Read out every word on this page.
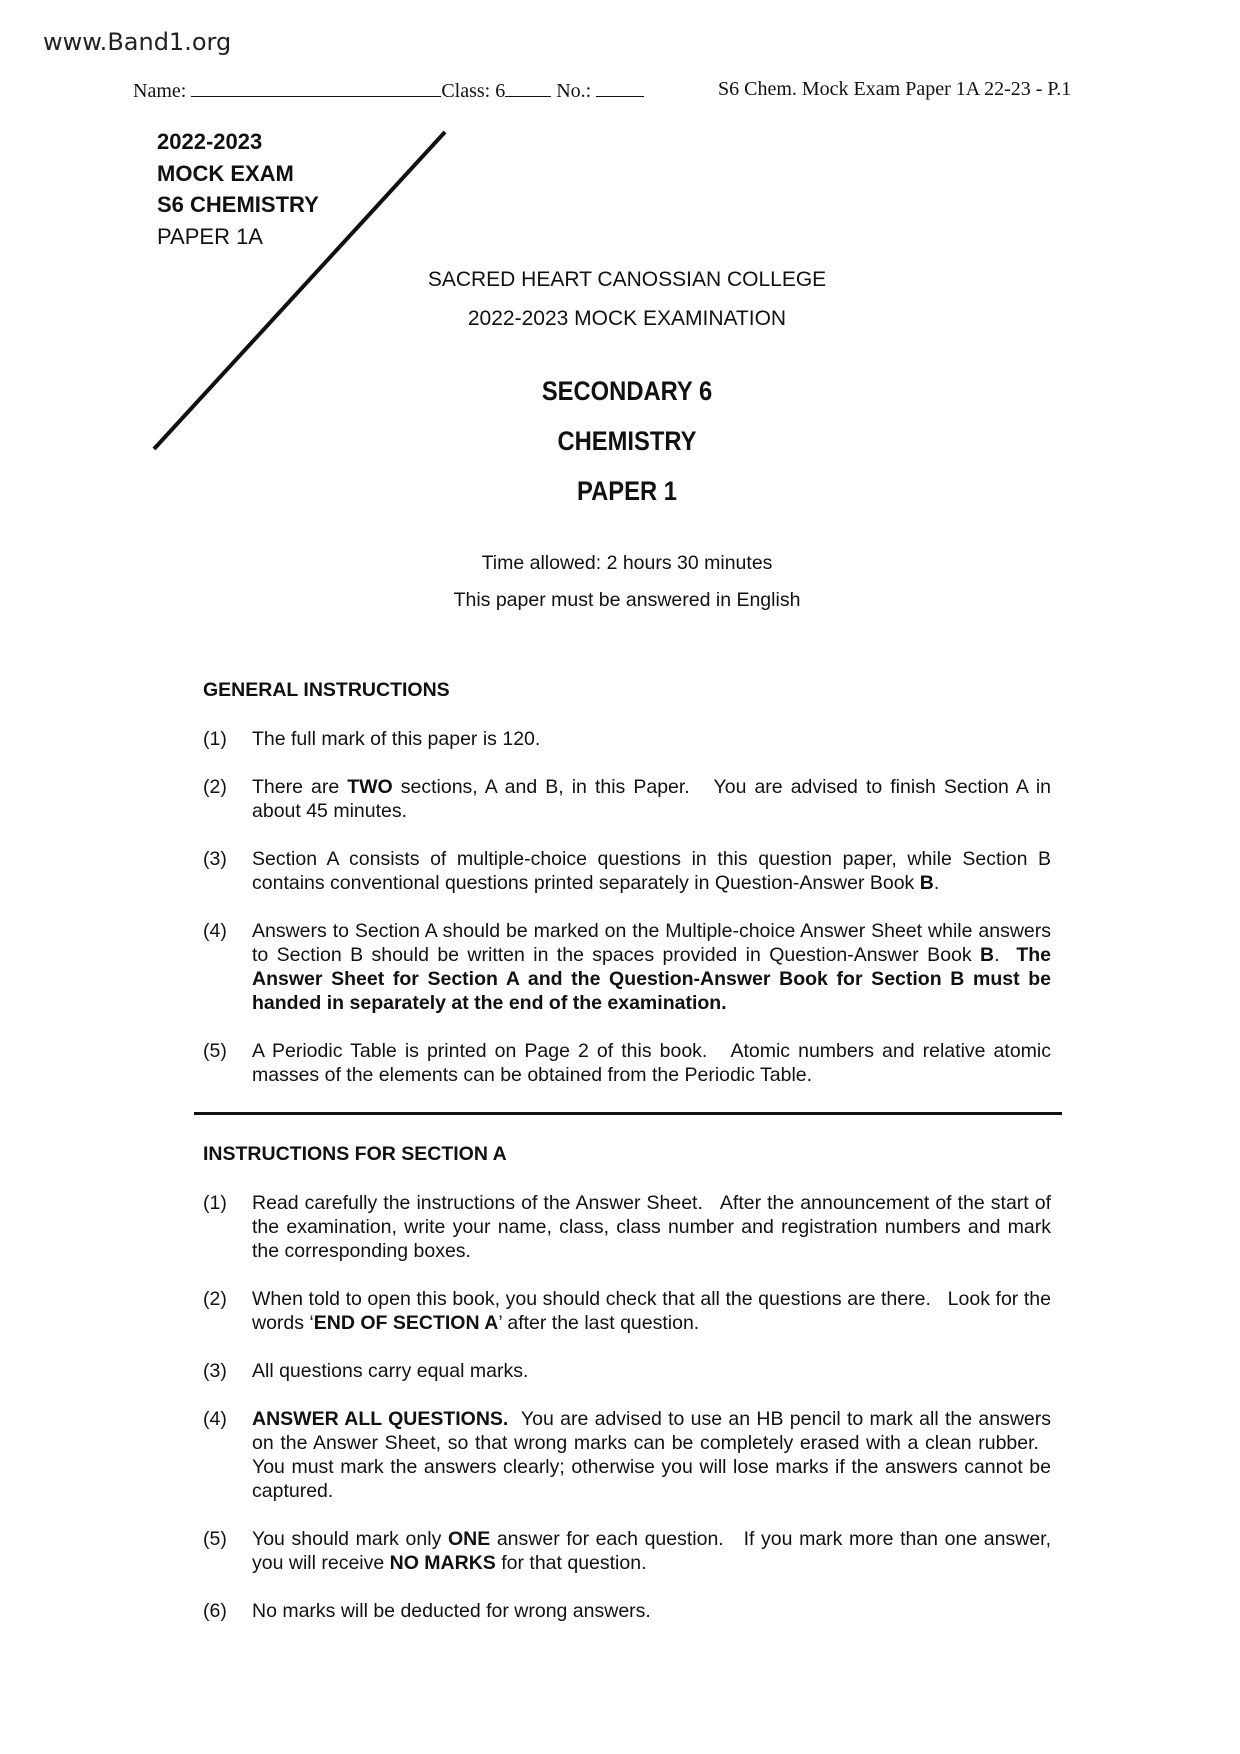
www.Band1.org
Name:	Class: 6	No.:	S6 Chem. Mock Exam Paper 1A 22-23 - P.1
2022-2023
MOCK EXAM
S6 CHEMISTRY
PAPER 1A
SACRED HEART CANOSSIAN COLLEGE
2022-2023 MOCK EXAMINATION
SECONDARY 6
CHEMISTRY
PAPER 1
Time allowed: 2 hours 30 minutes
This paper must be answered in English
GENERAL INSTRUCTIONS
(1)	The full mark of this paper is 120.
(2)	There are TWO sections, A and B, in this Paper.   You are advised to finish Section A in about 45 minutes.
(3)	Section A consists of multiple-choice questions in this question paper, while Section B contains conventional questions printed separately in Question-Answer Book B.
(4)	Answers to Section A should be marked on the Multiple-choice Answer Sheet while answers to Section B should be written in the spaces provided in Question-Answer Book B.  The Answer Sheet for Section A and the Question-Answer Book for Section B must be handed in separately at the end of the examination.
(5)	A Periodic Table is printed on Page 2 of this book.   Atomic numbers and relative atomic masses of the elements can be obtained from the Periodic Table.
INSTRUCTIONS FOR SECTION A
(1)	Read carefully the instructions of the Answer Sheet.   After the announcement of the start of the examination, write your name, class, class number and registration numbers and mark the corresponding boxes.
(2)	When told to open this book, you should check that all the questions are there.   Look for the words ‘END OF SECTION A’ after the last question.
(3)	All questions carry equal marks.
(4)	ANSWER ALL QUESTIONS.  You are advised to use an HB pencil to mark all the answers on the Answer Sheet, so that wrong marks can be completely erased with a clean rubber.   You must mark the answers clearly; otherwise you will lose marks if the answers cannot be captured.
(5)	You should mark only ONE answer for each question.   If you mark more than one answer, you will receive NO MARKS for that question.
(6)	No marks will be deducted for wrong answers.
